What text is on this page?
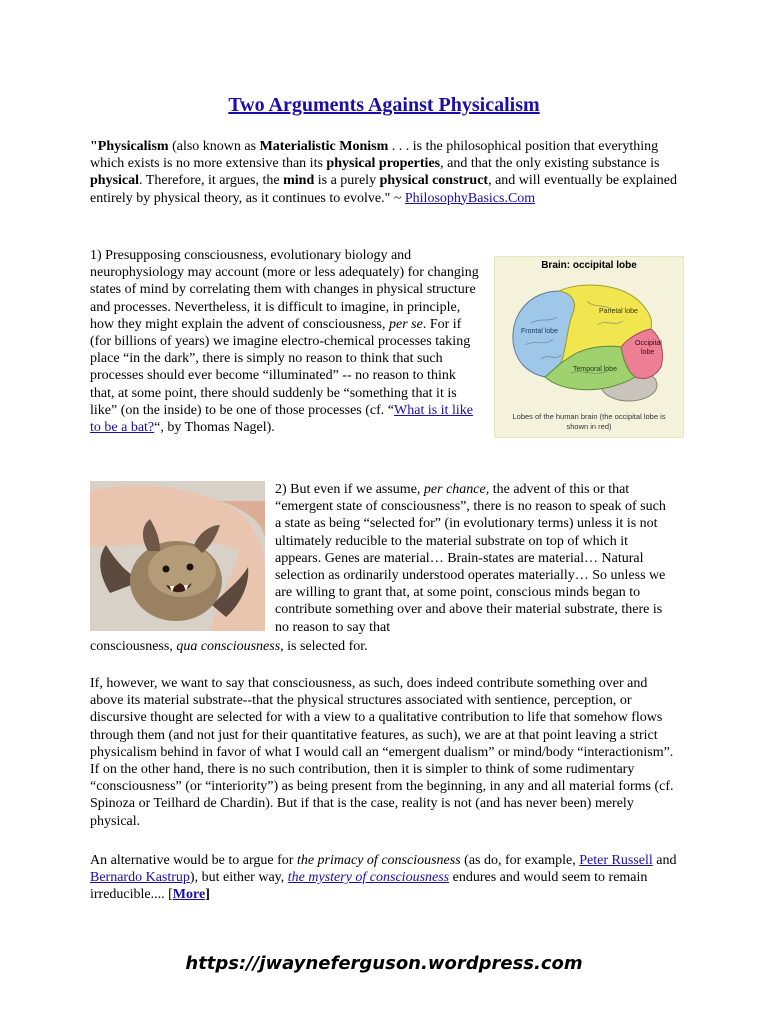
Two Arguments Against Physicalism

"Physicalism (also known as Materialistic Monism . . . is the philosophical position that everything which exists is no more extensive than its physical properties, and that the only existing substance is physical. Therefore, it argues, the mind is a purely physical construct, and will eventually be explained entirely by physical theory, as it continues to evolve." ~ PhilosophyBasics.Com

1) Presupposing consciousness, evolutionary biology and neurophysiology may account (more or less adequately) for changing states of mind by correlating them with changes in physical structure and processes. Nevertheless, it is difficult to imagine, in principle, how they might explain the advent of consciousness, per se. For if (for billions of years) we imagine electro-chemical processes taking place “in the dark”, there is simply no reason to think that such processes should ever become “illuminated” -- no reason to think that, at some point, there should suddenly be “something that it is like” (on the inside) to be one of those processes (cf. “What is it like to be a bat?“, by Thomas Nagel).

Brain: occipital lobe
Frontal lobe
Parietal lobe
Occipital lobe
Temporal lobe
Lobes of the human brain (the occipital lobe is shown in red)

2) But even if we assume, per chance, the advent of this or that “emergent state of consciousness”, there is no reason to speak of such a state as being “selected for” (in evolutionary terms) unless it is not ultimately reducible to the material substrate on top of which it appears. Genes are material… Brain-states are material… Natural selection as ordinarily understood operates materially… So unless we are willing to grant that, at some point, conscious minds began to contribute something over and above their material substrate, there is no reason to say that

consciousness, qua consciousness, is selected for.

If, however, we want to say that consciousness, as such, does indeed contribute something over and above its material substrate--that the physical structures associated with sentience, perception, or discursive thought are selected for with a view to a qualitative contribution to life that somehow flows through them (and not just for their quantitative features, as such), we are at that point leaving a strict physicalism behind in favor of what I would call an “emergent dualism” or mind/body “interactionism”. If on the other hand, there is no such contribution, then it is simpler to think of some rudimentary “consciousness” (or “interiority”) as being present from the beginning, in any and all material forms (cf. Spinoza or Teilhard de Chardin). But if that is the case, reality is not (and has never been) merely physical.

An alternative would be to argue for the primacy of consciousness (as do, for example, Peter Russell and Bernardo Kastrup), but either way, the mystery of consciousness endures and would seem to remain irreducible.... [More]

https://jwayneferguson.wordpress.com
